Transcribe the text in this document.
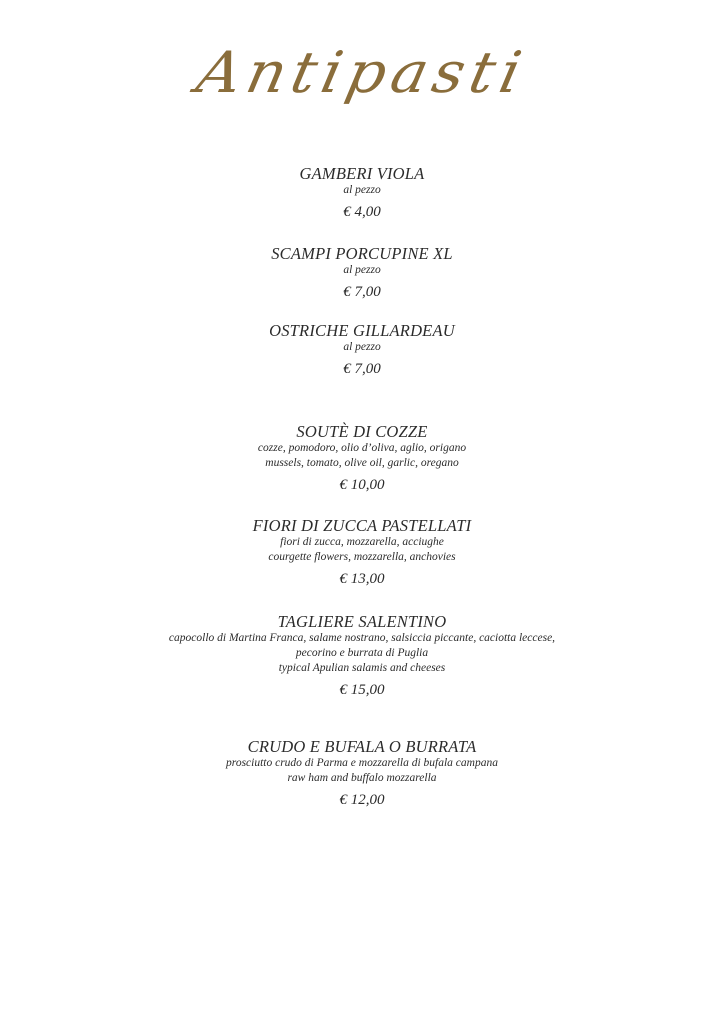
Antipasti
GAMBERI VIOLA
al pezzo
€ 4,00
SCAMPI PORCUPINE XL
al pezzo
€ 7,00
OSTRICHE GILLARDEAU
al pezzo
€ 7,00
SOUTÈ DI COZZE
cozze, pomodoro, olio d’oliva, aglio, origano
mussels, tomato, olive oil, garlic, oregano
€ 10,00
FIORI DI ZUCCA PASTELLATI
fiori di zucca, mozzarella, acciughe
courgette flowers, mozzarella, anchovies
€ 13,00
TAGLIERE SALENTINO
capocollo di Martina Franca, salame nostrano, salsiccia piccante, caciotta leccese,
pecorino e burrata di Puglia
typical Apulian salamis and cheeses
€ 15,00
CRUDO E BUFALA O BURRATA
prosciutto crudo di Parma e mozzarella di bufala campana
raw ham and buffalo mozzarella
€ 12,00
